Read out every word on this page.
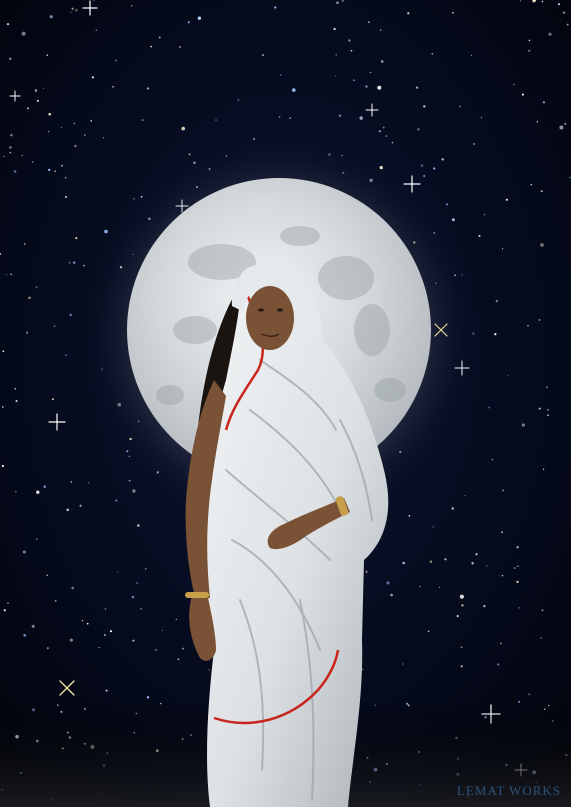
LEMAT WORKS
